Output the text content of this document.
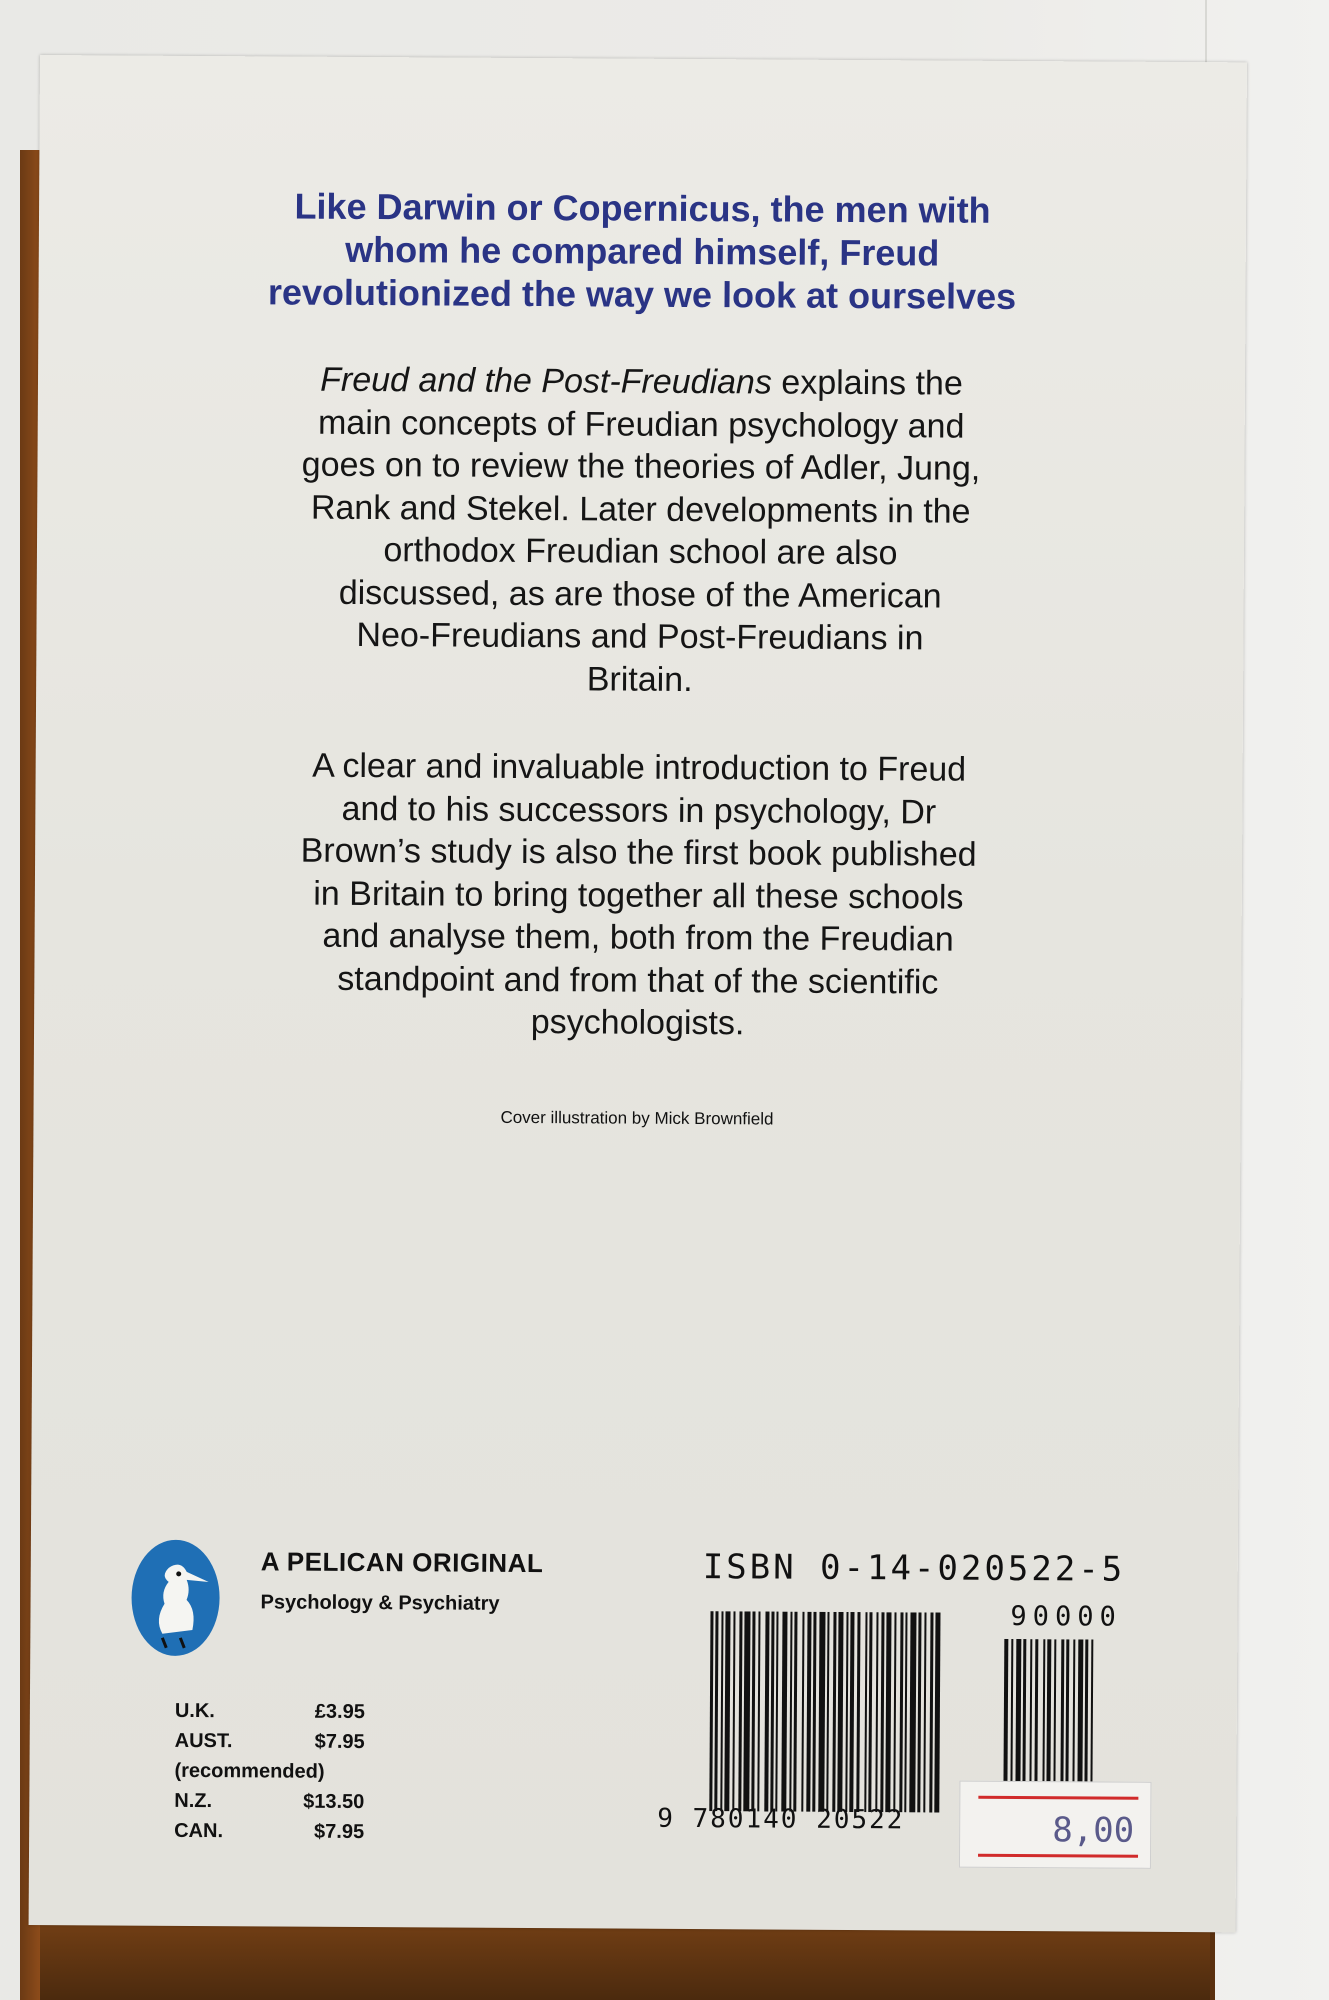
Like Darwin or Copernicus, the men with
whom he compared himself, Freud
revolutionized the way we look at ourselves
Freud and the Post-Freudians explains the
main concepts of Freudian psychology and
goes on to review the theories of Adler, Jung,
Rank and Stekel. Later developments in the
orthodox Freudian school are also
discussed, as are those of the American
Neo-Freudians and Post-Freudians in
Britain.
A clear and invaluable introduction to Freud
and to his successors in psychology, Dr
Brown’s study is also the first book published
in Britain to bring together all these schools
and analyse them, both from the Freudian
standpoint and from that of the scientific
psychologists.
Cover illustration by Mick Brownfield
A PELICAN ORIGINAL
Psychology & Psychiatry
U.K.	£3.95
AUST.	$7.95
(recommended)
N.Z.	$13.50
CAN.	$7.95
ISBN 0-14-020522-5
90000
9 780140 20522	8,00
